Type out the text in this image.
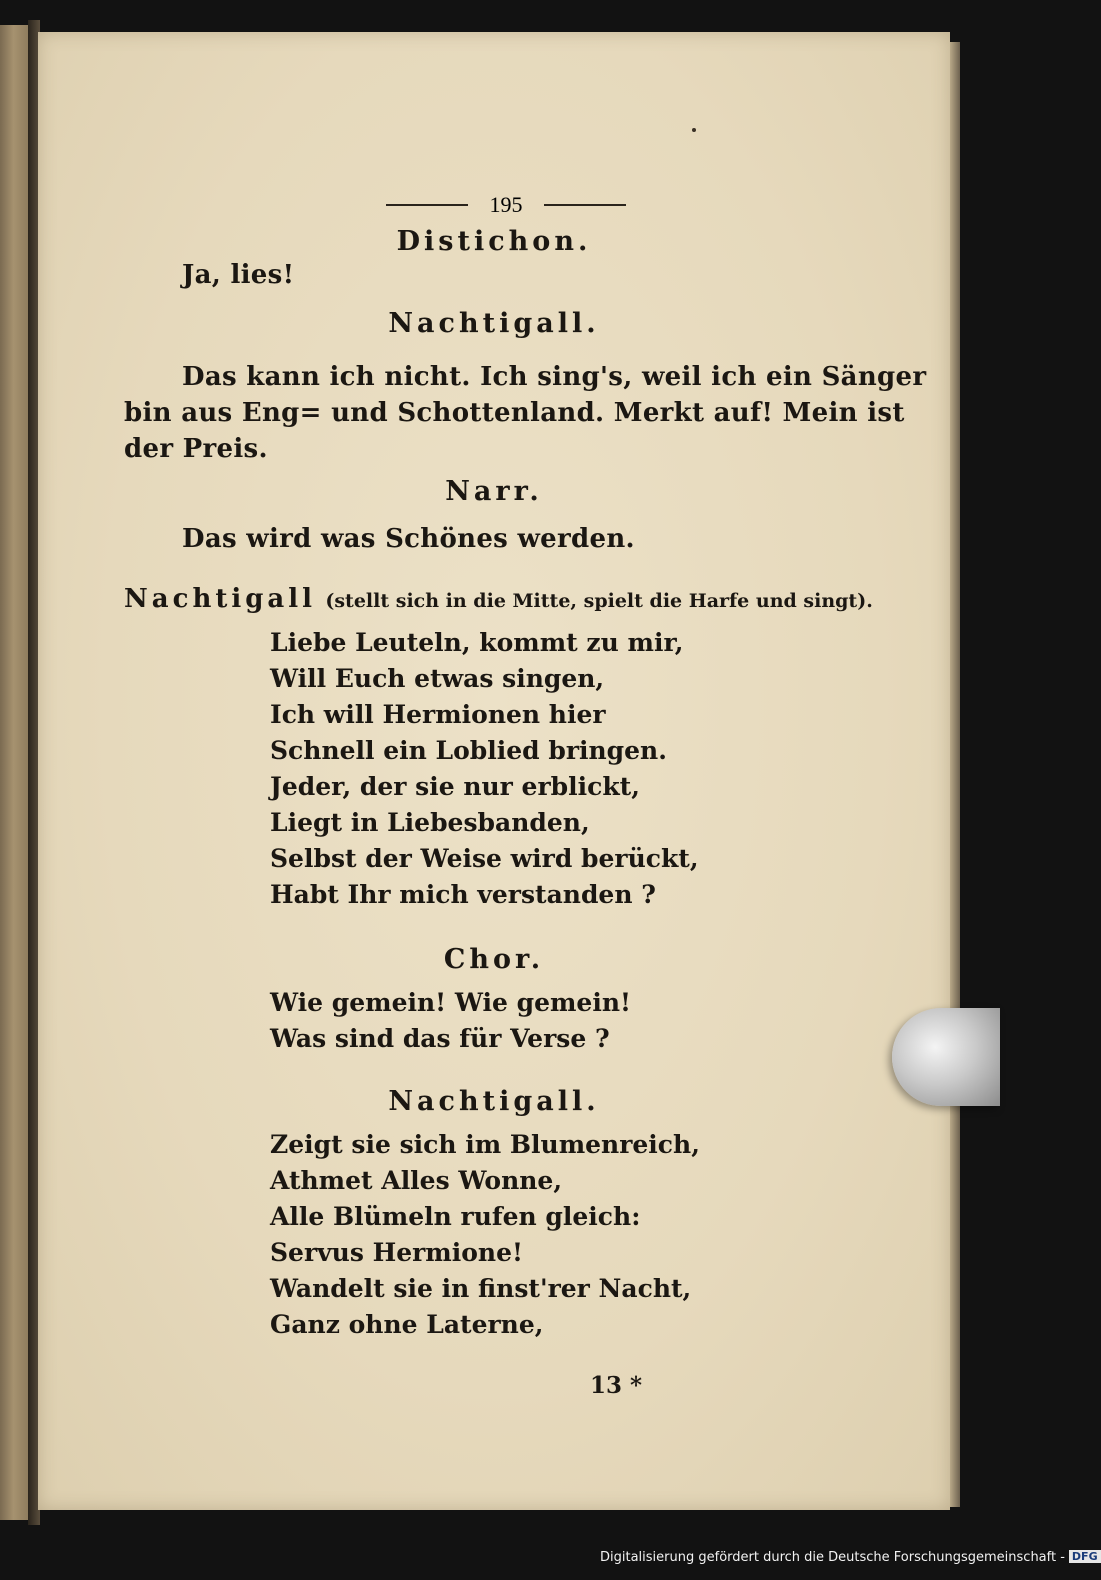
195
Distichon.
Ja, lies!
Nachtigall.
Das kann ich nicht. Ich sing's, weil ich ein Sänger
bin aus Eng= und Schottenland. Merkt auf! Mein ist
der Preis.
Narr.
Das wird was Schönes werden.
Nachtigall (stellt sich in die Mitte, spielt die Harfe und singt).
Liebe Leuteln, kommt zu mir,
Will Euch etwas singen,
Ich will Hermionen hier
Schnell ein Loblied bringen.
Jeder, der sie nur erblickt,
Liegt in Liebesbanden,
Selbst der Weise wird berückt,
Habt Ihr mich verstanden ?
Chor.
Wie gemein! Wie gemein!
Was sind das für Verse ?
Nachtigall.
Zeigt sie sich im Blumenreich,
Athmet Alles Wonne,
Alle Blümeln rufen gleich:
Servus Hermione!
Wandelt sie in finst'rer Nacht,
Ganz ohne Laterne,
13 *
Digitalisierung gefördert durch die Deutsche Forschungsgemeinschaft - DFG
